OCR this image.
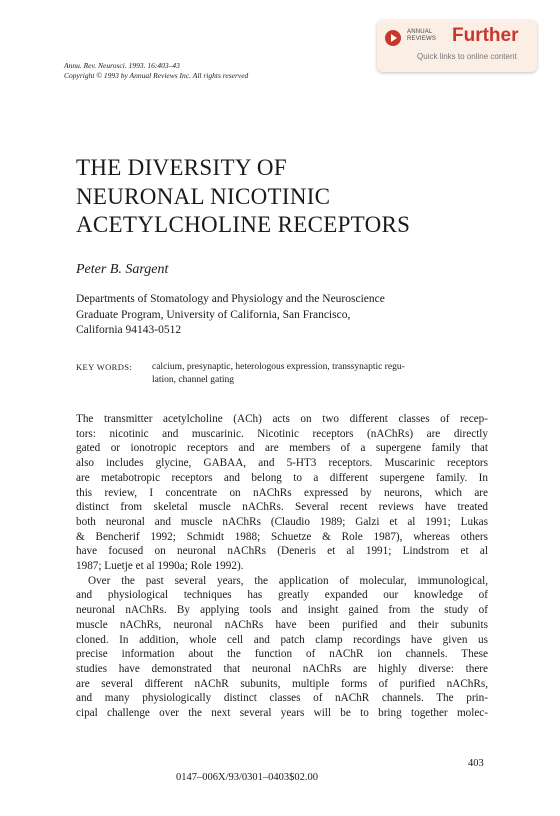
ANNUAL
REVIEWS Further
Quick links to online content
Annu. Rev. Neurosci. 1993. 16:403–43
Copyright © 1993 by Annual Reviews Inc. All rights reserved
THE DIVERSITY OF
NEURONAL NICOTINIC
ACETYLCHOLINE RECEPTORS
Peter B. Sargent
Departments of Stomatology and Physiology and the Neuroscience
Graduate Program, University of California, San Francisco,
California 94143-0512
KEY WORDS: calcium, presynaptic, heterologous expression, transsynaptic regu-
lation, channel gating
The transmitter acetylcholine (ACh) acts on two different classes of recep-
tors: nicotinic and muscarinic. Nicotinic receptors (nAChRs) are directly
gated or ionotropic receptors and are members of a supergene family that
also includes glycine, GABAA, and 5-HT3 receptors. Muscarinic receptors
are metabotropic receptors and belong to a different supergene family. In
this review, I concentrate on nAChRs expressed by neurons, which are
distinct from skeletal muscle nAChRs. Several recent reviews have treated
both neuronal and muscle nAChRs (Claudio 1989; Galzi et al 1991; Lukas
& Bencherif 1992; Schmidt 1988; Schuetze & Role 1987), whereas others
have focused on neuronal nAChRs (Deneris et al 1991; Lindstrom et al
1987; Luetje et al 1990a; Role 1992).
Over the past several years, the application of molecular, immunological,
and physiological techniques has greatly expanded our knowledge of
neuronal nAChRs. By applying tools and insight gained from the study of
muscle nAChRs, neuronal nAChRs have been purified and their subunits
cloned. In addition, whole cell and patch clamp recordings have given us
precise information about the function of nAChR ion channels. These
studies have demonstrated that neuronal nAChRs are highly diverse: there
are several different nAChR subunits, multiple forms of purified nAChRs,
and many physiologically distinct classes of nAChR channels. The prin-
cipal challenge over the next several years will be to bring together molec-
403
0147–006X/93/0301–0403$02.00
